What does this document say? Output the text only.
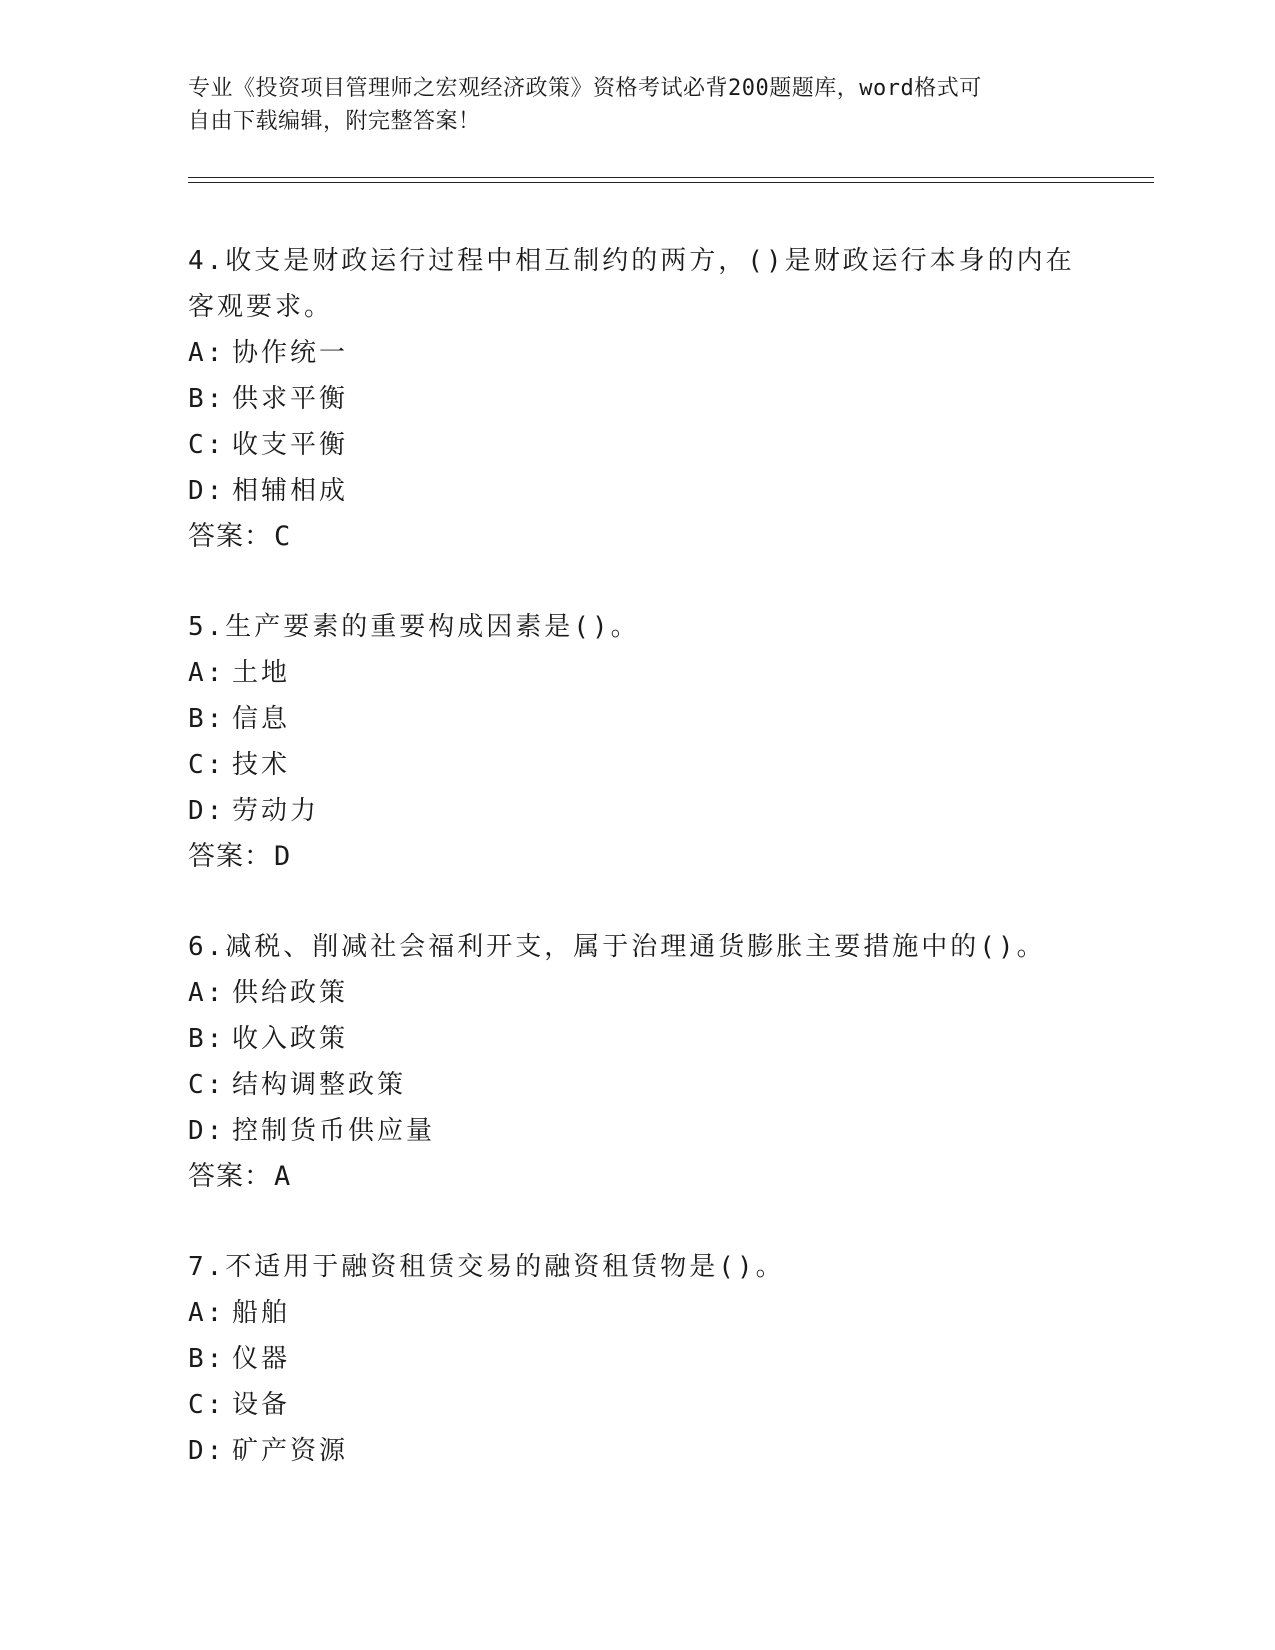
专业《投资项目管理师之宏观经济政策》资格考试必背200题题库，word格式可
自由下载编辑，附完整答案！

4.收支是财政运行过程中相互制约的两方，()是财政运行本身的内在
客观要求。

A: 协作统一
B: 供求平衡
C: 收支平衡
D: 相辅相成
答案：C

5.生产要素的重要构成因素是()。

A: 土地
B: 信息
C: 技术
D: 劳动力
答案：D

6.减税、削减社会福利开支，属于治理通货膨胀主要措施中的()。

A: 供给政策
B: 收入政策
C: 结构调整政策
D: 控制货币供应量
答案：A

7.不适用于融资租赁交易的融资租赁物是()。

A: 船舶
B: 仪器
C: 设备
D: 矿产资源
